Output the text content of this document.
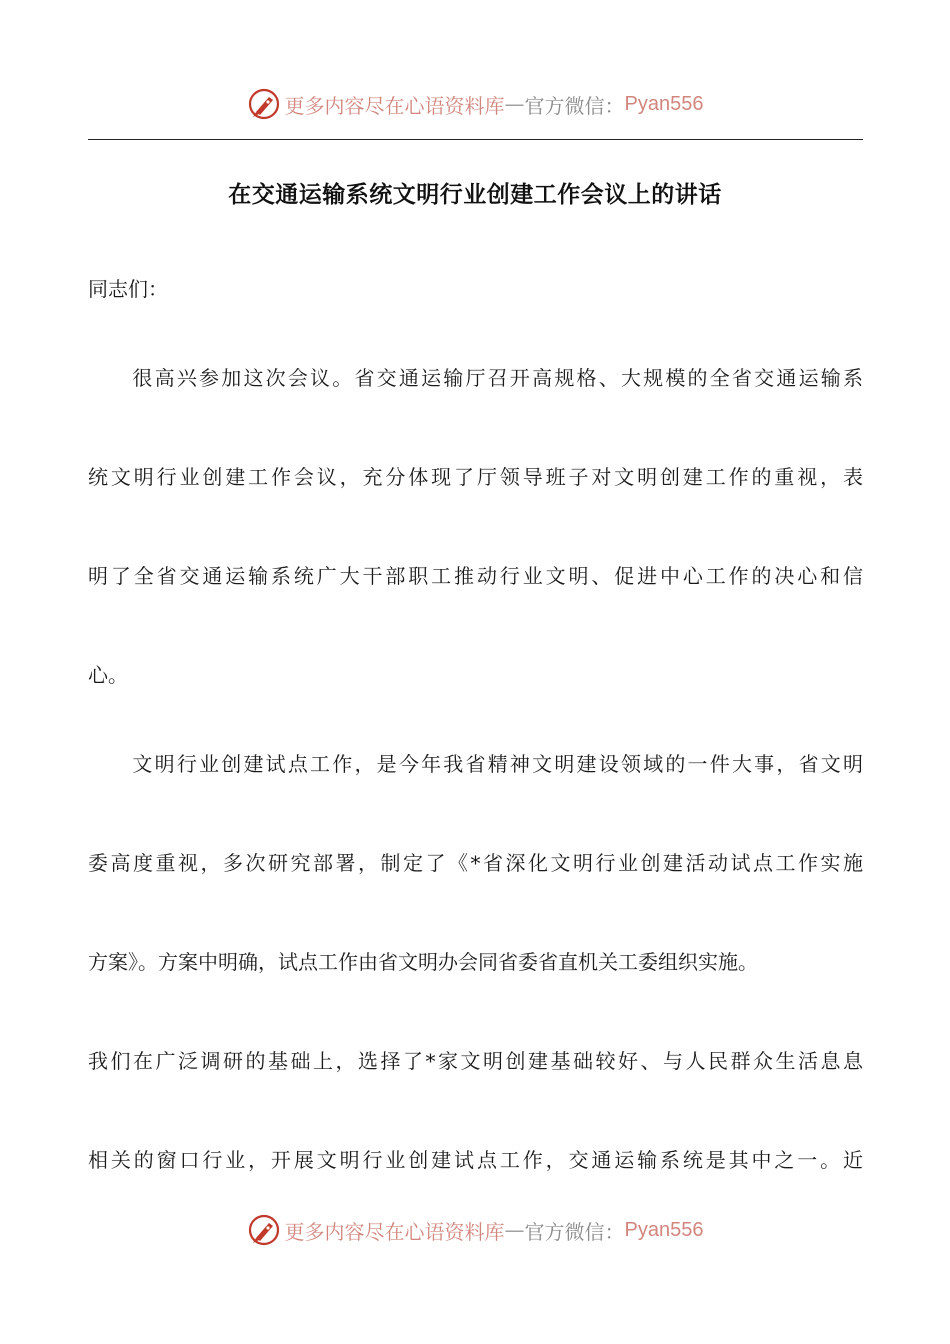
更多内容尽在心语资料库 — 官方微信： Pyan556
在交通运输系统文明行业创建工作会议上的讲话
同志们：
　　很高兴参加这次会议。省交通运输厅召开高规格、大规模的全省交通运输系
统文明行业创建工作会议，充分体现了厅领导班子对文明创建工作的重视，表
明了全省交通运输系统广大干部职工推动行业文明、促进中心工作的决心和信
心。
　　文明行业创建试点工作，是今年我省精神文明建设领域的一件大事，省文明
委高度重视，多次研究部署，制定了《*省深化文明行业创建活动试点工作实施
方案》。方案中明确，试点工作由省文明办会同省委省直机关工委组织实施。
我们在广泛调研的基础上，选择了*家文明创建基础较好、与人民群众生活息息
相关的窗口行业，开展文明行业创建试点工作，交通运输系统是其中之一。近
更多内容尽在心语资料库 — 官方微信： Pyan556
